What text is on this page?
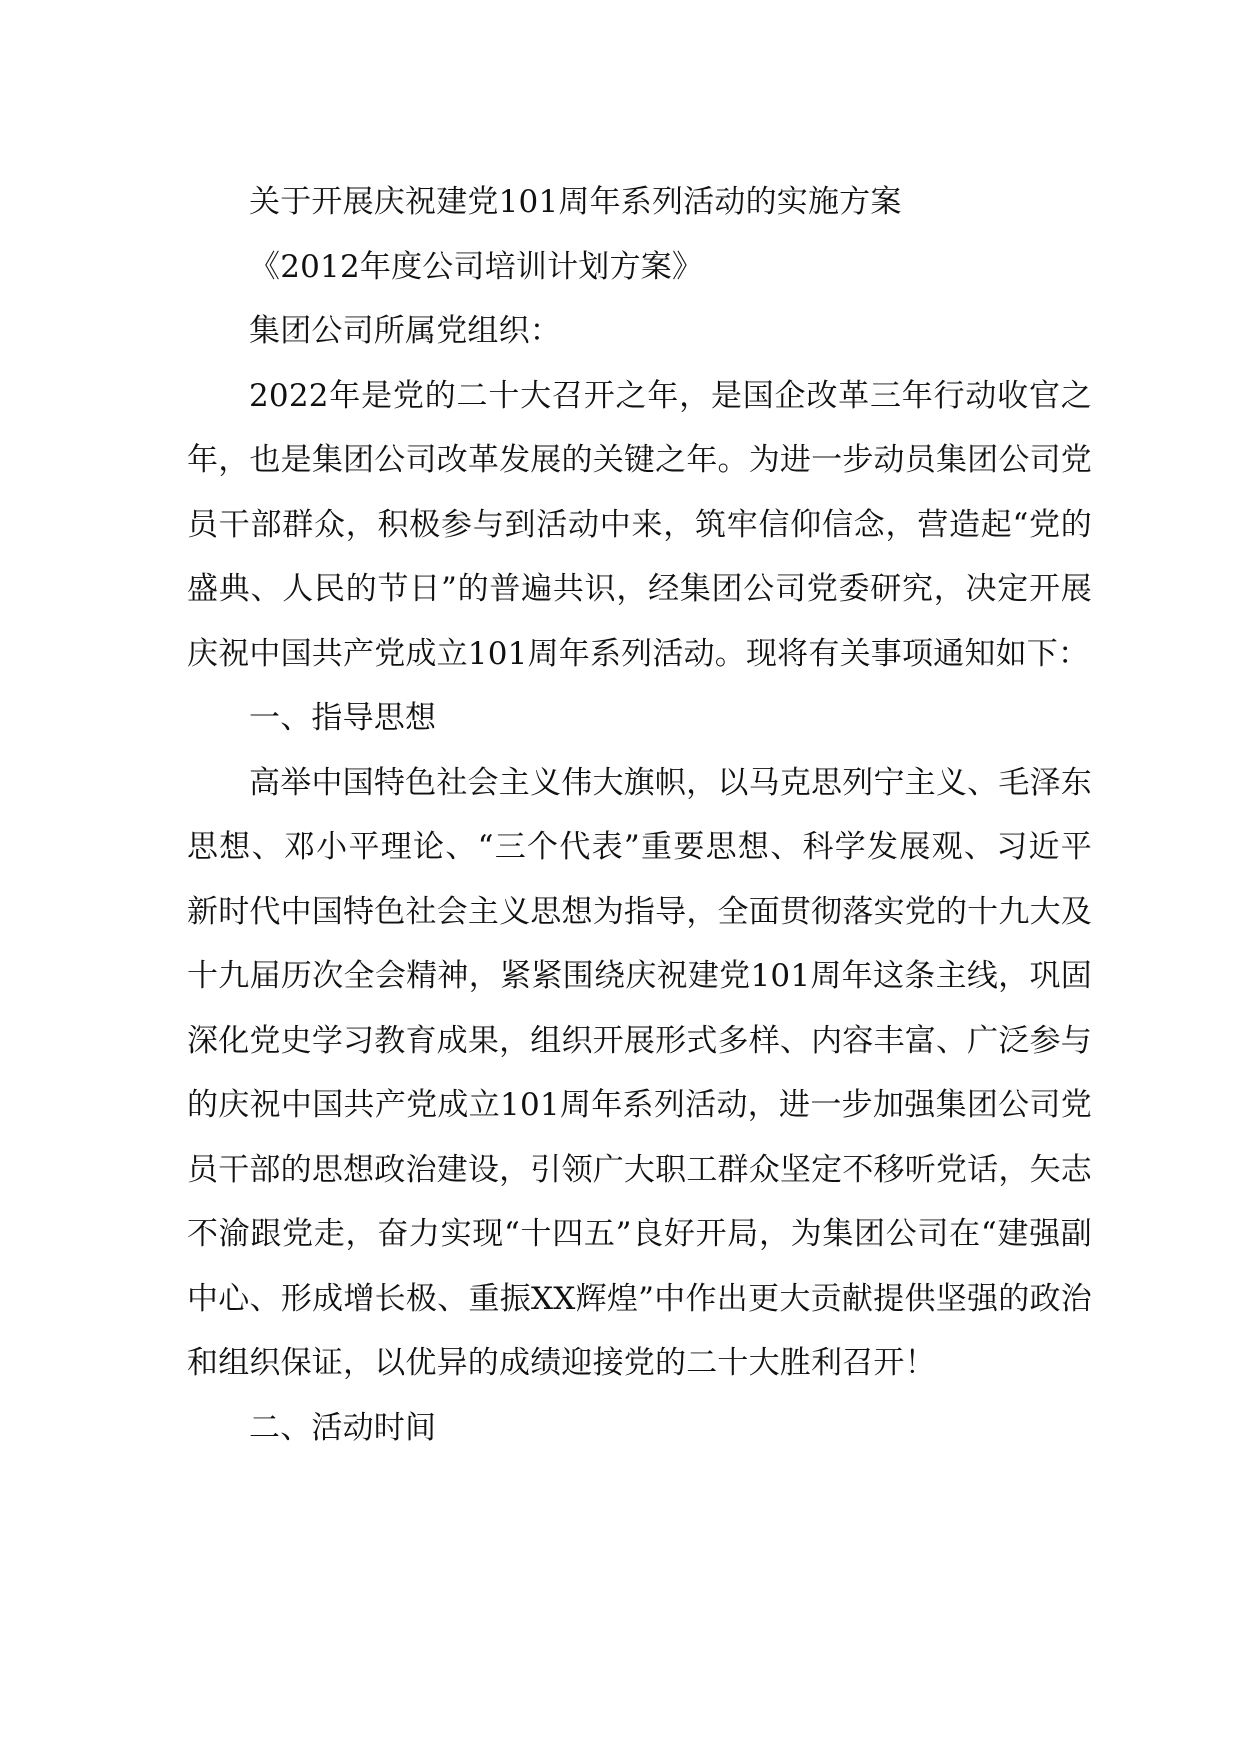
关于开展庆祝建党101周年系列活动的实施方案

《2012年度公司培训计划方案》

集团公司所属党组织：

2022年是党的二十大召开之年，是国企改革三年行动收官之年，也是集团公司改革发展的关键之年。为进一步动员集团公司党员干部群众，积极参与到活动中来，筑牢信仰信念，营造起“党的盛典、人民的节日”的普遍共识，经集团公司党委研究，决定开展庆祝中国共产党成立101周年系列活动。现将有关事项通知如下：

一、指导思想

高举中国特色社会主义伟大旗帜，以马克思列宁主义、毛泽东思想、邓小平理论、“三个代表”重要思想、科学发展观、习近平新时代中国特色社会主义思想为指导，全面贯彻落实党的十九大及十九届历次全会精神，紧紧围绕庆祝建党101周年这条主线，巩固深化党史学习教育成果，组织开展形式多样、内容丰富、广泛参与的庆祝中国共产党成立101周年系列活动，进一步加强集团公司党员干部的思想政治建设，引领广大职工群众坚定不移听党话，矢志不渝跟党走，奋力实现“十四五”良好开局，为集团公司在“建强副中心、形成增长极、重振XX辉煌”中作出更大贡献提供坚强的政治和组织保证，以优异的成绩迎接党的二十大胜利召开！

二、活动时间
